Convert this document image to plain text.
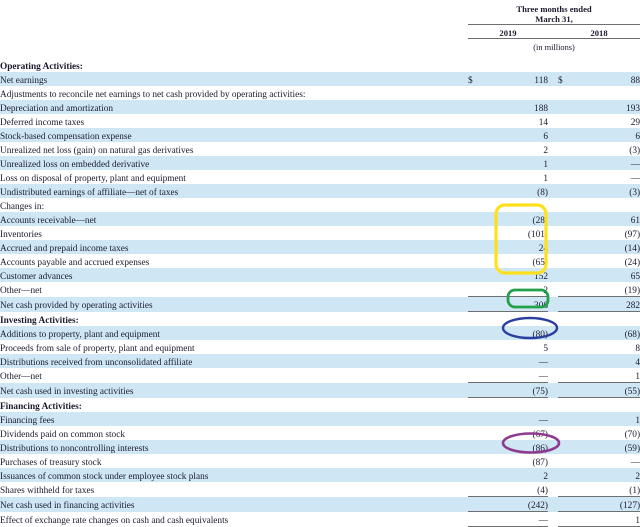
	Three months ended
March 31,				

	2019			2018	
	(in millions)				

Operating Activities:					
Net earnings	$	118		$	88
Adjustments to reconcile net earnings to net cash provided by operating activities:					
Depreciation and amortization		188			193
Deferred income taxes		14			29
Stock-based compensation expense		6			6
Unrealized net loss (gain) on natural gas derivatives		2			(3)
Unrealized loss on embedded derivative		1			—
Loss on disposal of property, plant and equipment		1			—
Undistributed earnings of affiliate—net of taxes		(8)			(3)
Changes in:					
Accounts receivable—net		(28)			61
Inventories		(101)			(97)
Accrued and prepaid income taxes		24			(14)
Accounts payable and accrued expenses		(65)			(24)
Customer advances		152			65
Other—net		2			(19)
Net cash provided by operating activities		306			282
Investing Activities:					
Additions to property, plant and equipment		(80)			(68)
Proceeds from sale of property, plant and equipment		5			8
Distributions received from unconsolidated affiliate		—			4
Other—net		—			1
Net cash used in investing activities		(75)			(55)
Financing Activities:					
Financing fees		—			1
Dividends paid on common stock		(67)			(70)
Distributions to noncontrolling interests		(86)			(59)
Purchases of treasury stock		(87)			—
Issuances of common stock under employee stock plans		2			2
Shares withheld for taxes		(4)			(1)
Net cash used in financing activities		(242)			(127)
Effect of exchange rate changes on cash and cash equivalents		—			1
